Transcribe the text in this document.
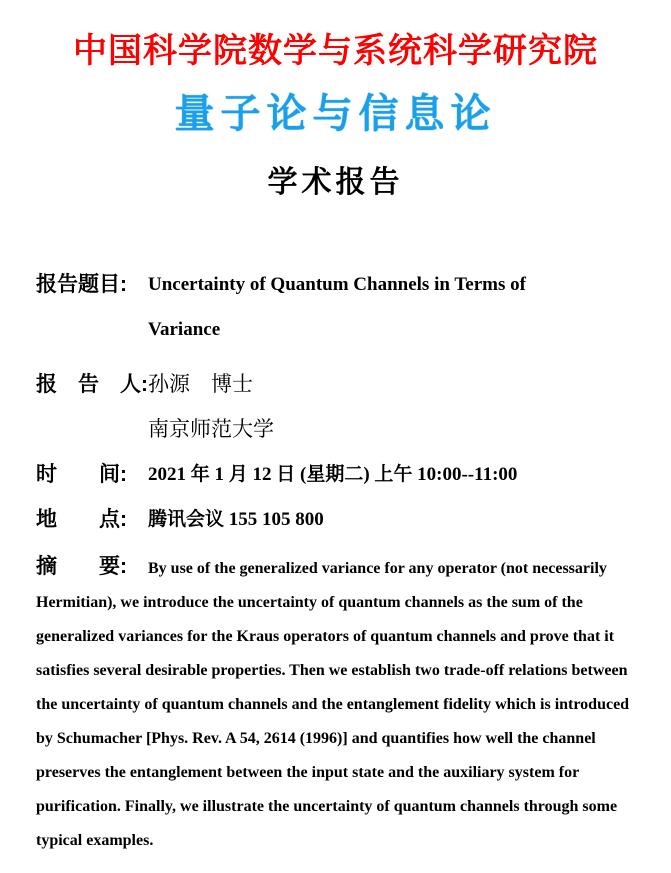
中国科学院数学与系统科学研究院
量子论与信息论
学术报告
报告题目:	Uncertainty of Quantum Channels in Terms of
Variance
报　告　人: 孙源　博士
南京师范大学
时　　间:	2021 年 1 月 12 日 (星期二) 上午 10:00--11:00
地　　点:	腾讯会议 155 105 800
摘　　要: By use of the generalized variance for any operator (not necessarily Hermitian), we introduce the uncertainty of quantum channels as the sum of the generalized variances for the Kraus operators of quantum channels and prove that it satisfies several desirable properties. Then we establish two trade-off relations between the uncertainty of quantum channels and the entanglement fidelity which is introduced by Schumacher [Phys. Rev. A 54, 2614 (1996)] and quantifies how well the channel preserves the entanglement between the input state and the auxiliary system for purification. Finally, we illustrate the uncertainty of quantum channels through some typical examples.
